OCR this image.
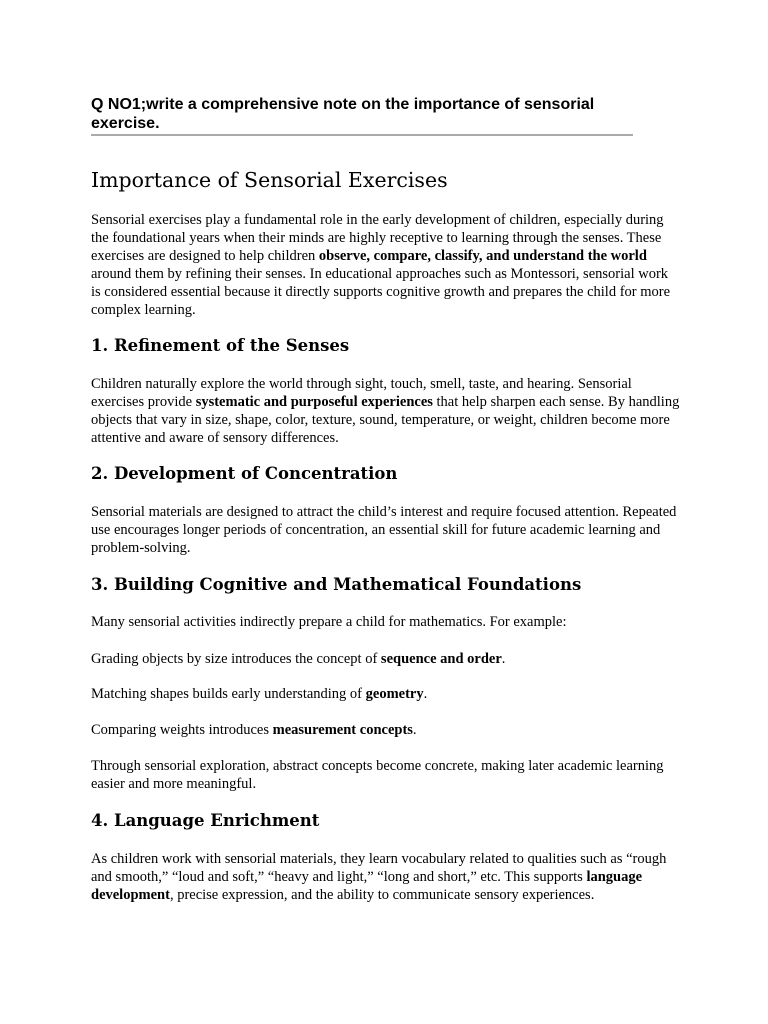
Q NO1;write a comprehensive note on the importance of sensorial
exercise.
Importance of Sensorial Exercises

Sensorial exercises play a fundamental role in the early development of children, especially during the foundational years when their minds are highly receptive to learning through the senses. These exercises are designed to help children observe, compare, classify, and understand the world around them by refining their senses. In educational approaches such as Montessori, sensorial work is considered essential because it directly supports cognitive growth and prepares the child for more complex learning.

1. Refinement of the Senses

Children naturally explore the world through sight, touch, smell, taste, and hearing. Sensorial exercises provide systematic and purposeful experiences that help sharpen each sense. By handling objects that vary in size, shape, color, texture, sound, temperature, or weight, children become more attentive and aware of sensory differences.

2. Development of Concentration

Sensorial materials are designed to attract the child’s interest and require focused attention. Repeated use encourages longer periods of concentration, an essential skill for future academic learning and problem-solving.

3. Building Cognitive and Mathematical Foundations

Many sensorial activities indirectly prepare a child for mathematics. For example:

Grading objects by size introduces the concept of sequence and order.

Matching shapes builds early understanding of geometry.

Comparing weights introduces measurement concepts.

Through sensorial exploration, abstract concepts become concrete, making later academic learning easier and more meaningful.

4. Language Enrichment

As children work with sensorial materials, they learn vocabulary related to qualities such as “rough and smooth,” “loud and soft,” “heavy and light,” “long and short,” etc. This supports language development, precise expression, and the ability to communicate sensory experiences.
